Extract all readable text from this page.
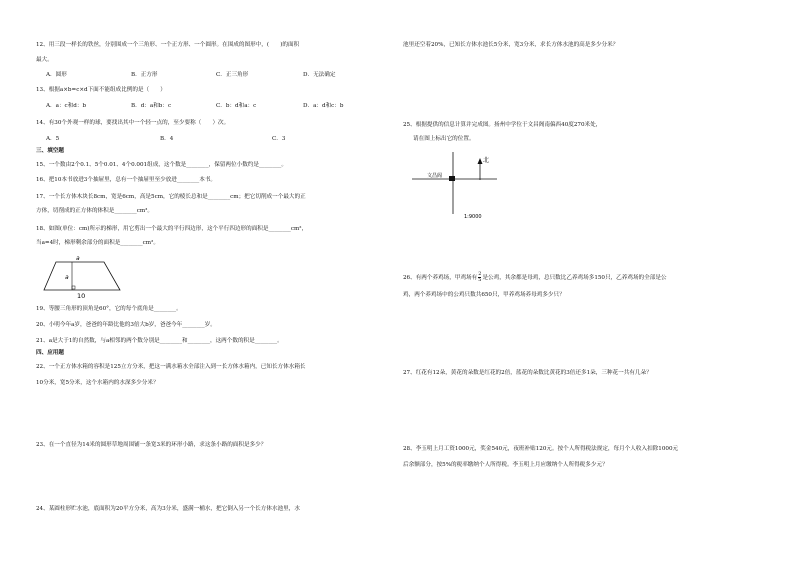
12、用三段一样长的铁丝，分别围成一个三角形、一个正方形、一个圆形。在围成的图形中，(　　)的面积
最大。
A．圆形	B．正方形	C．正三角形	D．无法确定
13、根据a×b=c×d下面不能组成比例的是（　　）
A．a：c和d：b	B．d：a和b：c	C．b：d和a：c	D．a：d和c：b
14、有30个外观一样的球，要找出其中一个轻一点的，至少要称（　　）次。
A．5	B．4	C．3
三、填空题
15、一个数由2个0.1、5个0.01、4个0.001组成，这个数是________，保留两位小数约是________。
16、把10本书放进3个抽屉里，总有一个抽屉里至少放进________本书。
17、一个长方体木块长8cm，宽是6cm，高是5cm，它的棱长总和是________cm；把它切削成一个最大的正
方体，切削成的正方体的体积是________cm³。
18、如图(单位：cm)所示的梯形，用它剪出一个最大的平行四边形，这个平行四边形的面积是________cm²，
当a=4时，梯形剩余部分的面积是________cm²。
a
a
10
19、等腰三角形的顶角是60°，它的每个底角是________。
20、小明今年a岁，爸爸的年龄比他的3倍大b岁，爸爸今年________岁。
21、a是大于1的自然数，与a相邻的两个数分别是________和________，这两个数的积是________。
四、应用题
22、一个正方体水箱的容积是125立方分米，把这一满水箱水全部注入到一长方体水箱内，已知长方体水箱长
10分米，宽5分米，这个水箱内的水深多少分米？
23、在一个直径为14米的圆形草地周围铺一条宽3米的环形小路，求这条小路的面积是多少？
24、某圆柱形贮水池，底面积为20平方分米，高为3分米，盛满一桶水，把它倒入另一个长方体水池里，水
池里还空着20%，已知长方体水池长5分米，宽3分米，求长方体水池的高是多少分米？
25、根据提供的信息计算并完成图。扬州中学位于文昌阁南偏西40度270米处，
请在图上标出它的位置。
文昌阁
北
1:9000
26、有两个养鸡场，甲鸡场有 $\frac{2}{5}$ 是公鸡，其余都是母鸡，总只数比乙养鸡场多150只，乙养鸡场的全部是公
鸡，两个养鸡场中的公鸡只数共650只，甲养鸡场养母鸡多少只？
27、红花有12朵，黄花的朵数是红花的2倍，蓝花的朵数比黄花的3倍还多1朵，三种花一共有几朵？
28、李玉明上月工资1000元，奖金540元，夜班补贴120元。按个人所得税法规定，每月个人收入扣除1000元
后余额部分，按5%的税率缴纳个人所得税。李玉明上月应缴纳个人所得税多少元？
